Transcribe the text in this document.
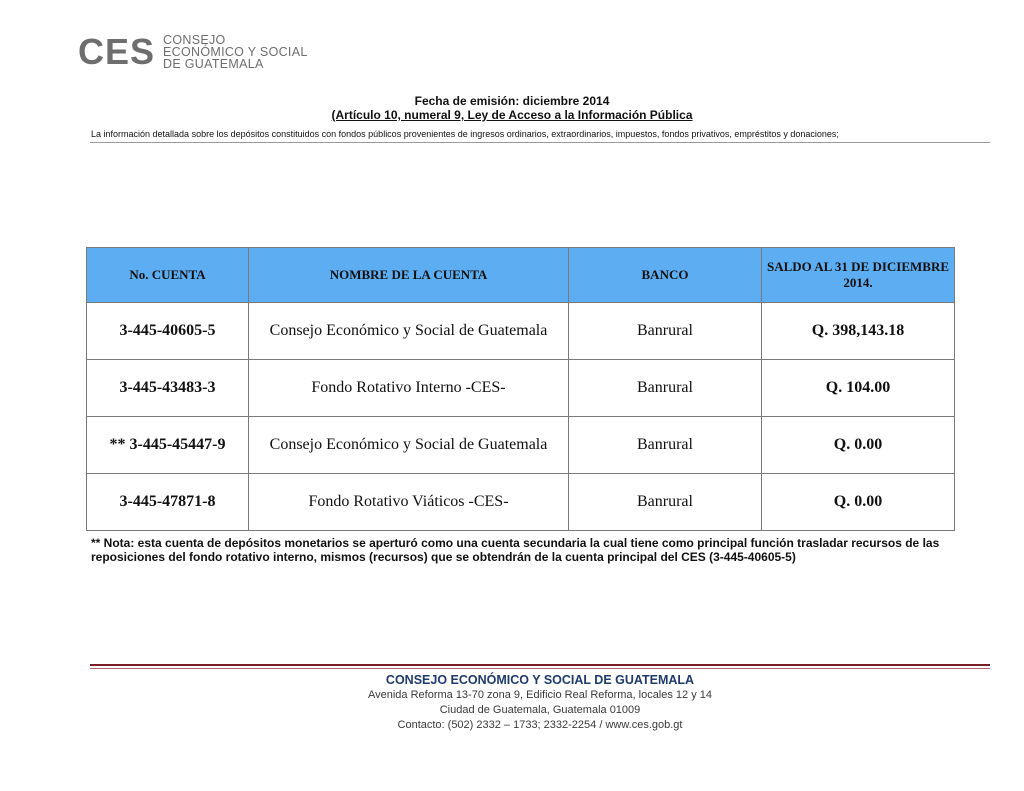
CES CONSEJO
ECONÓMICO Y SOCIAL
DE GUATEMALA
Fecha de emisión: diciembre 2014
(Artículo 10, numeral 9, Ley de Acceso a la Información Pública
La información detallada sobre los depósitos constituidos con fondos públicos provenientes de ingresos ordinarios, extraordinarios, impuestos, fondos privativos, empréstitos y donaciones;
No. CUENTA	NOMBRE DE LA CUENTA	BANCO	SALDO AL 31 DE DICIEMBRE 2014.
3-445-40605-5	Consejo Económico y Social de Guatemala	Banrural	Q. 398,143.18
3-445-43483-3	Fondo Rotativo Interno -CES-	Banrural	Q. 104.00
** 3-445-45447-9	Consejo Económico y Social de Guatemala	Banrural	Q. 0.00
3-445-47871-8	Fondo Rotativo Viáticos -CES-	Banrural	Q. 0.00
** Nota: esta cuenta de depósitos monetarios se aperturó como una cuenta secundaria la cual tiene como principal función trasladar recursos de las reposiciones del fondo rotativo interno, mismos (recursos) que se obtendrán de la cuenta principal del CES (3-445-40605-5)
CONSEJO ECONÓMICO Y SOCIAL DE GUATEMALA
Avenida Reforma 13-70 zona 9, Edificio Real Reforma, locales 12 y 14
Ciudad de Guatemala, Guatemala 01009
Contacto: (502) 2332 – 1733; 2332-2254 / www.ces.gob.gt
